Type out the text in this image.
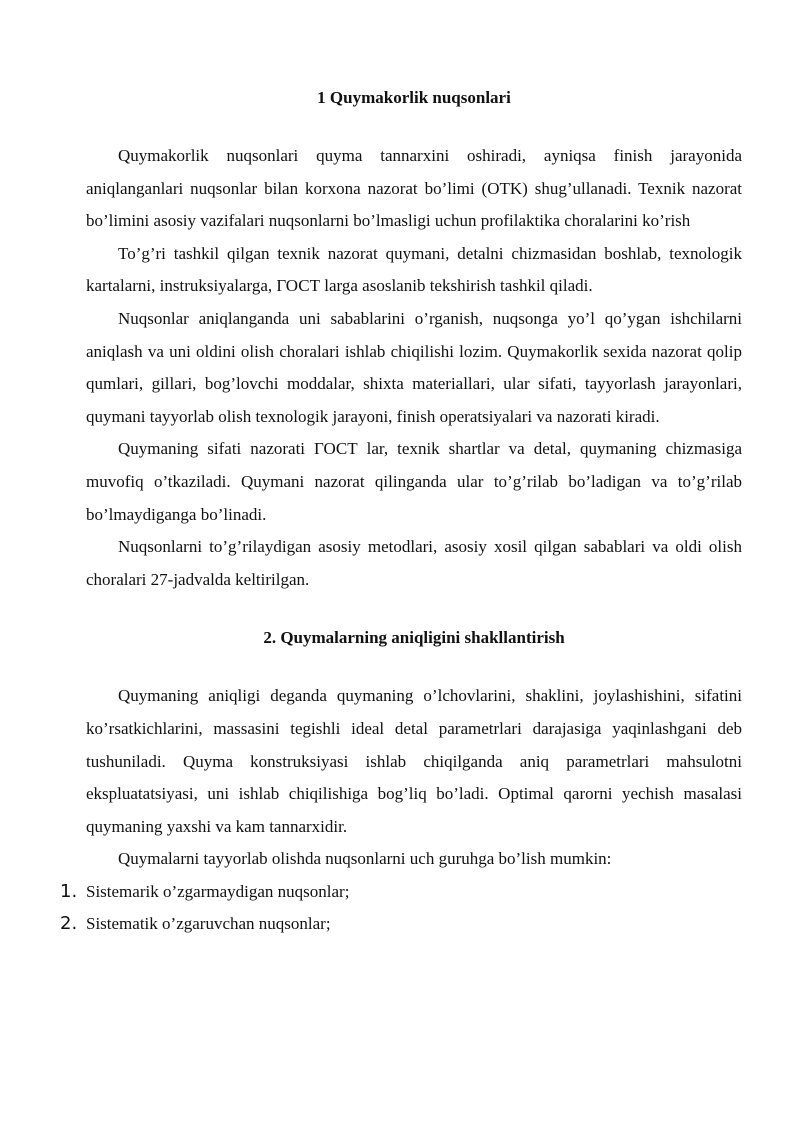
1 Quymakorlik nuqsonlari

Quymakorlik nuqsonlari quyma tannarxini oshiradi, ayniqsa finish jarayonida aniqlanganlari nuqsonlar bilan korxona nazorat bo’limi (OTK) shug’ullanadi. Texnik nazorat bo’limini asosiy vazifalari nuqsonlarni bo’lmasligi uchun profilaktika choralarini ko’rish

To’g’ri tashkil qilgan texnik nazorat quymani, detalni chizmasidan boshlab, texnologik kartalarni, instruksiyalarga, ГОСТ larga asoslanib tekshirish tashkil qiladi.

Nuqsonlar aniqlanganda uni sabablarini o’rganish, nuqsonga yo’l qo’ygan ishchilarni aniqlash va uni oldini olish choralari ishlab chiqilishi lozim. Quymakorlik sexida nazorat qolip qumlari, gillari, bog’lovchi moddalar, shixta materiallari, ular sifati, tayyorlash jarayonlari, quymani tayyorlab olish texnologik jarayoni, finish operatsiyalari va nazorati kiradi.

Quymaning sifati nazorati ГОСТ lar, texnik shartlar va detal, quymaning chizmasiga muvofiq o’tkaziladi. Quymani nazorat qilinganda ular to’g’rilab bo’ladigan va to’g’rilab bo’lmaydiganga bo’linadi.

Nuqsonlarni to’g’rilaydigan asosiy metodlari, asosiy xosil qilgan sabablari va oldi olish choralari 27-jadvalda keltirilgan.

2. Quymalarning aniqligini shakllantirish

Quymaning aniqligi deganda quymaning o’lchovlarini, shaklini, joylashishini, sifatini ko’rsatkichlarini, massasini tegishli ideal detal parametrlari darajasiga yaqinlashgani deb tushuniladi. Quyma konstruksiyasi ishlab chiqilganda aniq parametrlari mahsulotni ekspluatatsiyasi, uni ishlab chiqilishiga bog’liq bo’ladi. Optimal qarorni yechish masalasi quymaning yaxshi va kam tannarxidir.

Quymalarni tayyorlab olishda nuqsonlarni uch guruhga bo’lish mumkin:

1. Sistemarik o’zgarmaydigan nuqsonlar;
2. Sistematik o’zgaruvchan nuqsonlar;
